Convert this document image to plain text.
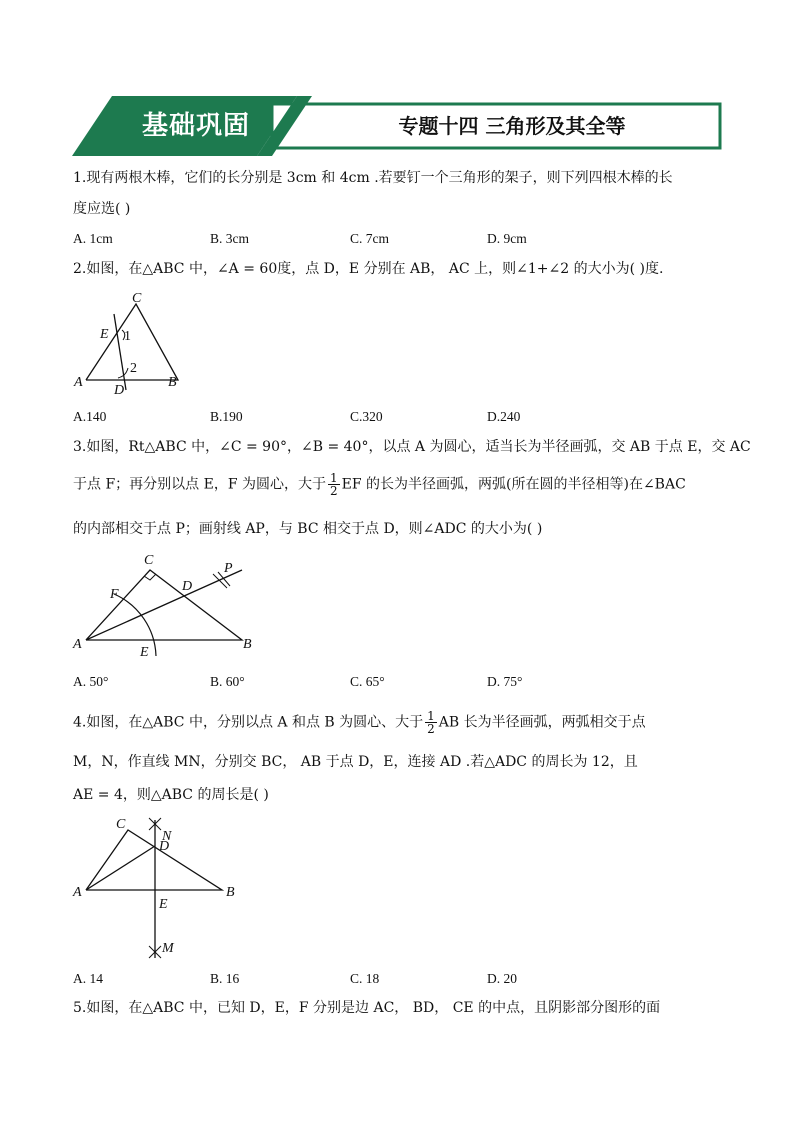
基础巩固	专题十四 三角形及其全等
1.现有两根木棒，它们的长分别是 3cm 和 4cm .若要钉一个三角形的架子，则下列四根木棒的长
度应选( )
A. 1cm	B. 3cm	C. 7cm	D. 9cm
2.如图，在△ABC 中，∠A = 60度，点 D，E 分别在 AB， AC 上，则∠1+∠2 的大小为( )度.
C
E 1
2
A
D
B
A.140	B.190	C.320	D.240
3.如图，Rt△ABC 中，∠C = 90°，∠B = 40°，以点 A 为圆心，适当长为半径画弧，交 AB 于点 E，交 AC
于点 F；再分别以点 E，F 为圆心，大于 $\frac{1}{2}$ EF 的长为半径画弧，两弧(所在圆的半径相等)在∠BAC
的内部相交于点 P；画射线 AP，与 BC 相交于点 D，则∠ADC 的大小为( )
C
F
D
P
A
E
B
A. 50°	B. 60°	C. 65°	D. 75°
4.如图，在△ABC 中，分别以点 A 和点 B 为圆心、大于 $\frac{1}{2}$ AB 长为半径画弧，两弧相交于点
M，N，作直线 MN，分别交 BC， AB 于点 D，E，连接 AD .若△ADC 的周长为 12，且
AE = 4，则△ABC 的周长是( )
C
N
D
A	B
E
M
A. 14	B. 16	C. 18	D. 20
5.如图，在△ABC 中，已知 D，E，F 分别是边 AC， BD， CE 的中点，且阴影部分图形的面
